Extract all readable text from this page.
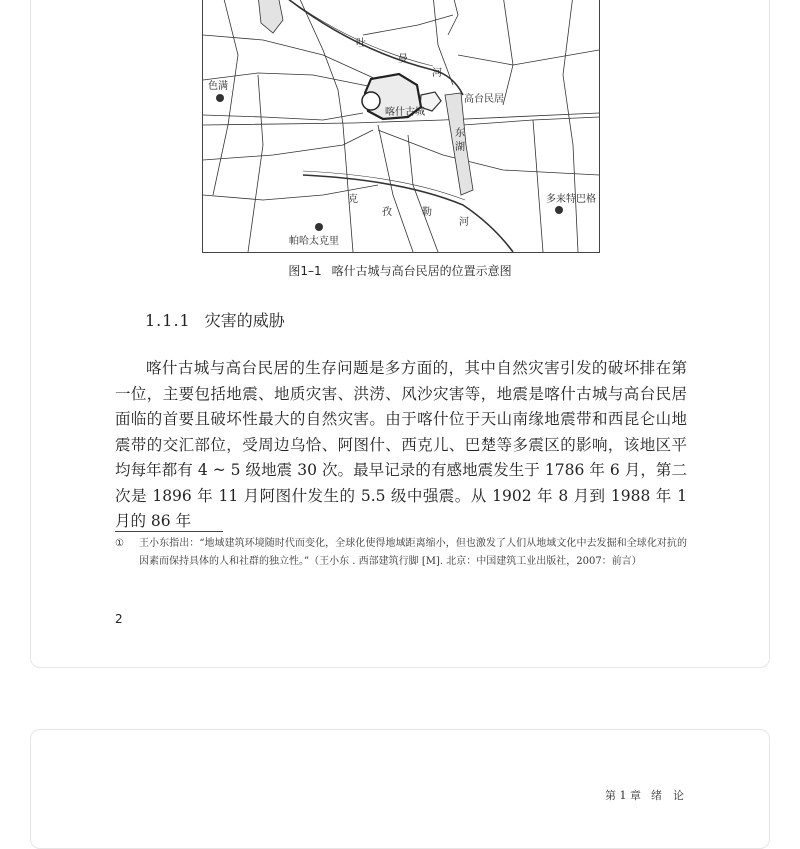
吐
曼
河
色满
高台民居
喀什古城
东
湖
克
孜	勒
河
多来特巴格
帕哈太克里
图1–1 喀什古城与高台民居的位置示意图
1.1.1 灾害的威胁

喀什古城与高台民居的生存问题是多方面的，其中自然灾害引发的破坏排在第一位，主要包括地震、地质灾害、洪涝、风沙灾害等，地震是喀什古城与高台民居面临的首要且破坏性最大的自然灾害。由于喀什位于天山南缘地震带和西昆仑山地震带的交汇部位，受周边乌恰、阿图什、西克儿、巴楚等多震区的影响，该地区平均每年都有 4 ~ 5 级地震 30 次。最早记录的有感地震发生于 1786 年 6 月，第二次是 1896 年 11 月阿图什发生的 5.5 级中强震。从 1902 年 8 月到 1988 年 1 月的 86 年

① 王小东指出：“地域建筑环境随时代而变化，全球化使得地域距离缩小，但也激发了人们从地域文化中去发掘和全球化对抗的因素而保持具体的人和社群的独立性。”（王小东 . 西部建筑行脚 [M]. 北京：中国建筑工业出版社，2007：前言）
2
第 1 章 绪　论
